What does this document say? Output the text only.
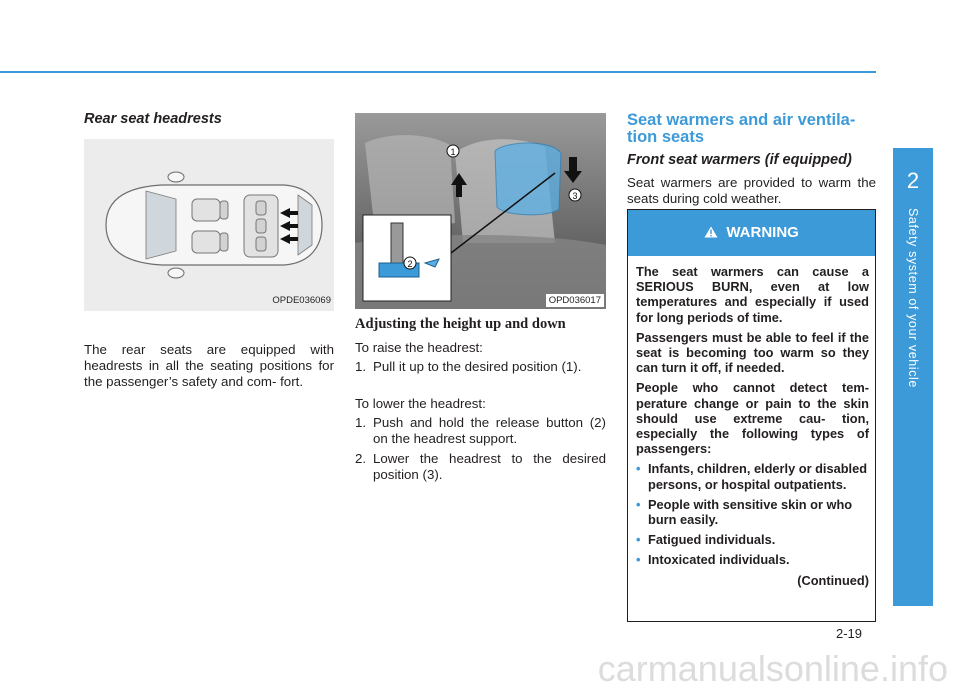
2
Safety system of your vehicle
Rear seat headrests
OPDE036069
The rear seats are equipped with headrests in all the seating positions for the passenger’s safety and com- fort.
1
2
3
OPD036017
Adjusting the height up and down
To raise the headrest:
1. Pull it up to the desired position (1).
To lower the headrest:
1. Push and hold the release button (2) on the headrest support.
2. Lower the headrest to the desired position (3).
Seat warmers and air ventila-
tion seats
Front seat warmers (if equipped)
Seat warmers are provided to warm the seats during cold weather.
WARNING

The seat warmers can cause a SERIOUS BURN, even at low temperatures and especially if used for long periods of time.

Passengers must be able to feel if the seat is becoming too warm so they can turn it off, if needed.

People who cannot detect tem- perature change or pain to the skin should use extreme cau- tion, especially the following types of passengers:

• Infants, children, elderly or disabled persons, or hospital outpatients.
• People with sensitive skin or who burn easily.
• Fatigued individuals.
• Intoxicated individuals.
(Continued)
2-19
carmanualsonline.info
